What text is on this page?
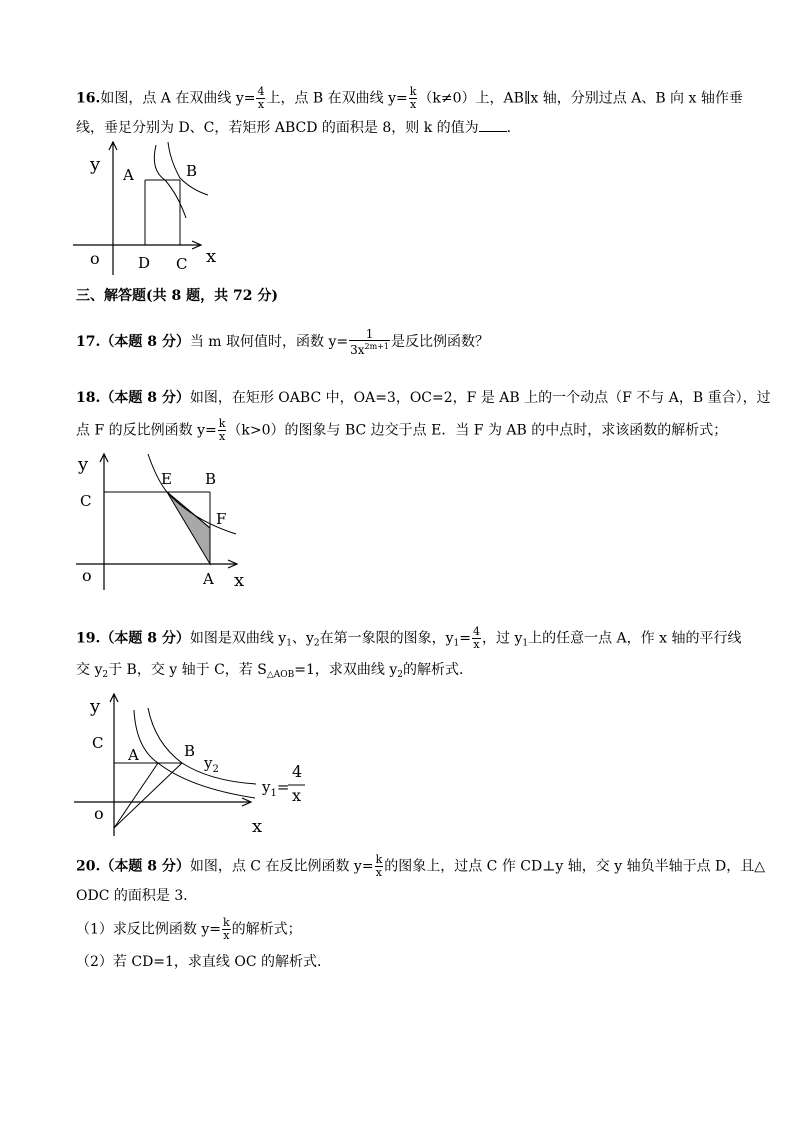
16.如图，点 A 在双曲线 $y= \frac{4}{x}$ 上，点 B 在双曲线 $y= \frac{k}{x} (k\ne 0)$上，AB∥x 轴，分别过点 A、B 向 x 轴作垂
线，垂足分别为 D、C，若矩形 ABCD 的面积是 8，则 k 的值为 .
y
x
o
A	B
D C
三、解答题(共 8 题，共 72 分)
17.（本题 8 分）当 m 取何值时，函数 $y= \frac{1}{3x^{2m+1}}$ 是反比例函数？
18.（本题 8 分）如图，在矩形 OABC 中，OA=3，OC=2，F 是 AB 上的一个动点（F 不与 A，B 重合），过
点 F 的反比例函数 $y= \frac{k}{x} (k>0)$的图象与 BC 边交于点 E．当 F 为 AB 的中点时，求该函数的解析式；
y
x
o
C
E B
F
A
19.（本题 8 分）如图是双曲线 $y_1$、$y_2$在第一象限的图象，$y_1= \frac{4}{x}$ ，过 $y_1$上的任意一点 A，作 x 轴的平行线
交 $y_2$于 B，交 y 轴于 C，若 $S_{\triangle AOB}=1$，求双曲线 $y_2$的解析式．
y
x
o
C
A	B
$y_2$
$y_1=$
4
x
20.（本题 8 分）如图，点 C 在反比例函数 $y= \frac{k}{x}$ 的图象上，过点 C 作 CD⊥y 轴，交 y 轴负半轴于点 D，且△
ODC 的面积是 3．
（1）求反比例函数 $y= \frac{k}{x}$ 的解析式；
（2）若 CD=1，求直线 OC 的解析式．
